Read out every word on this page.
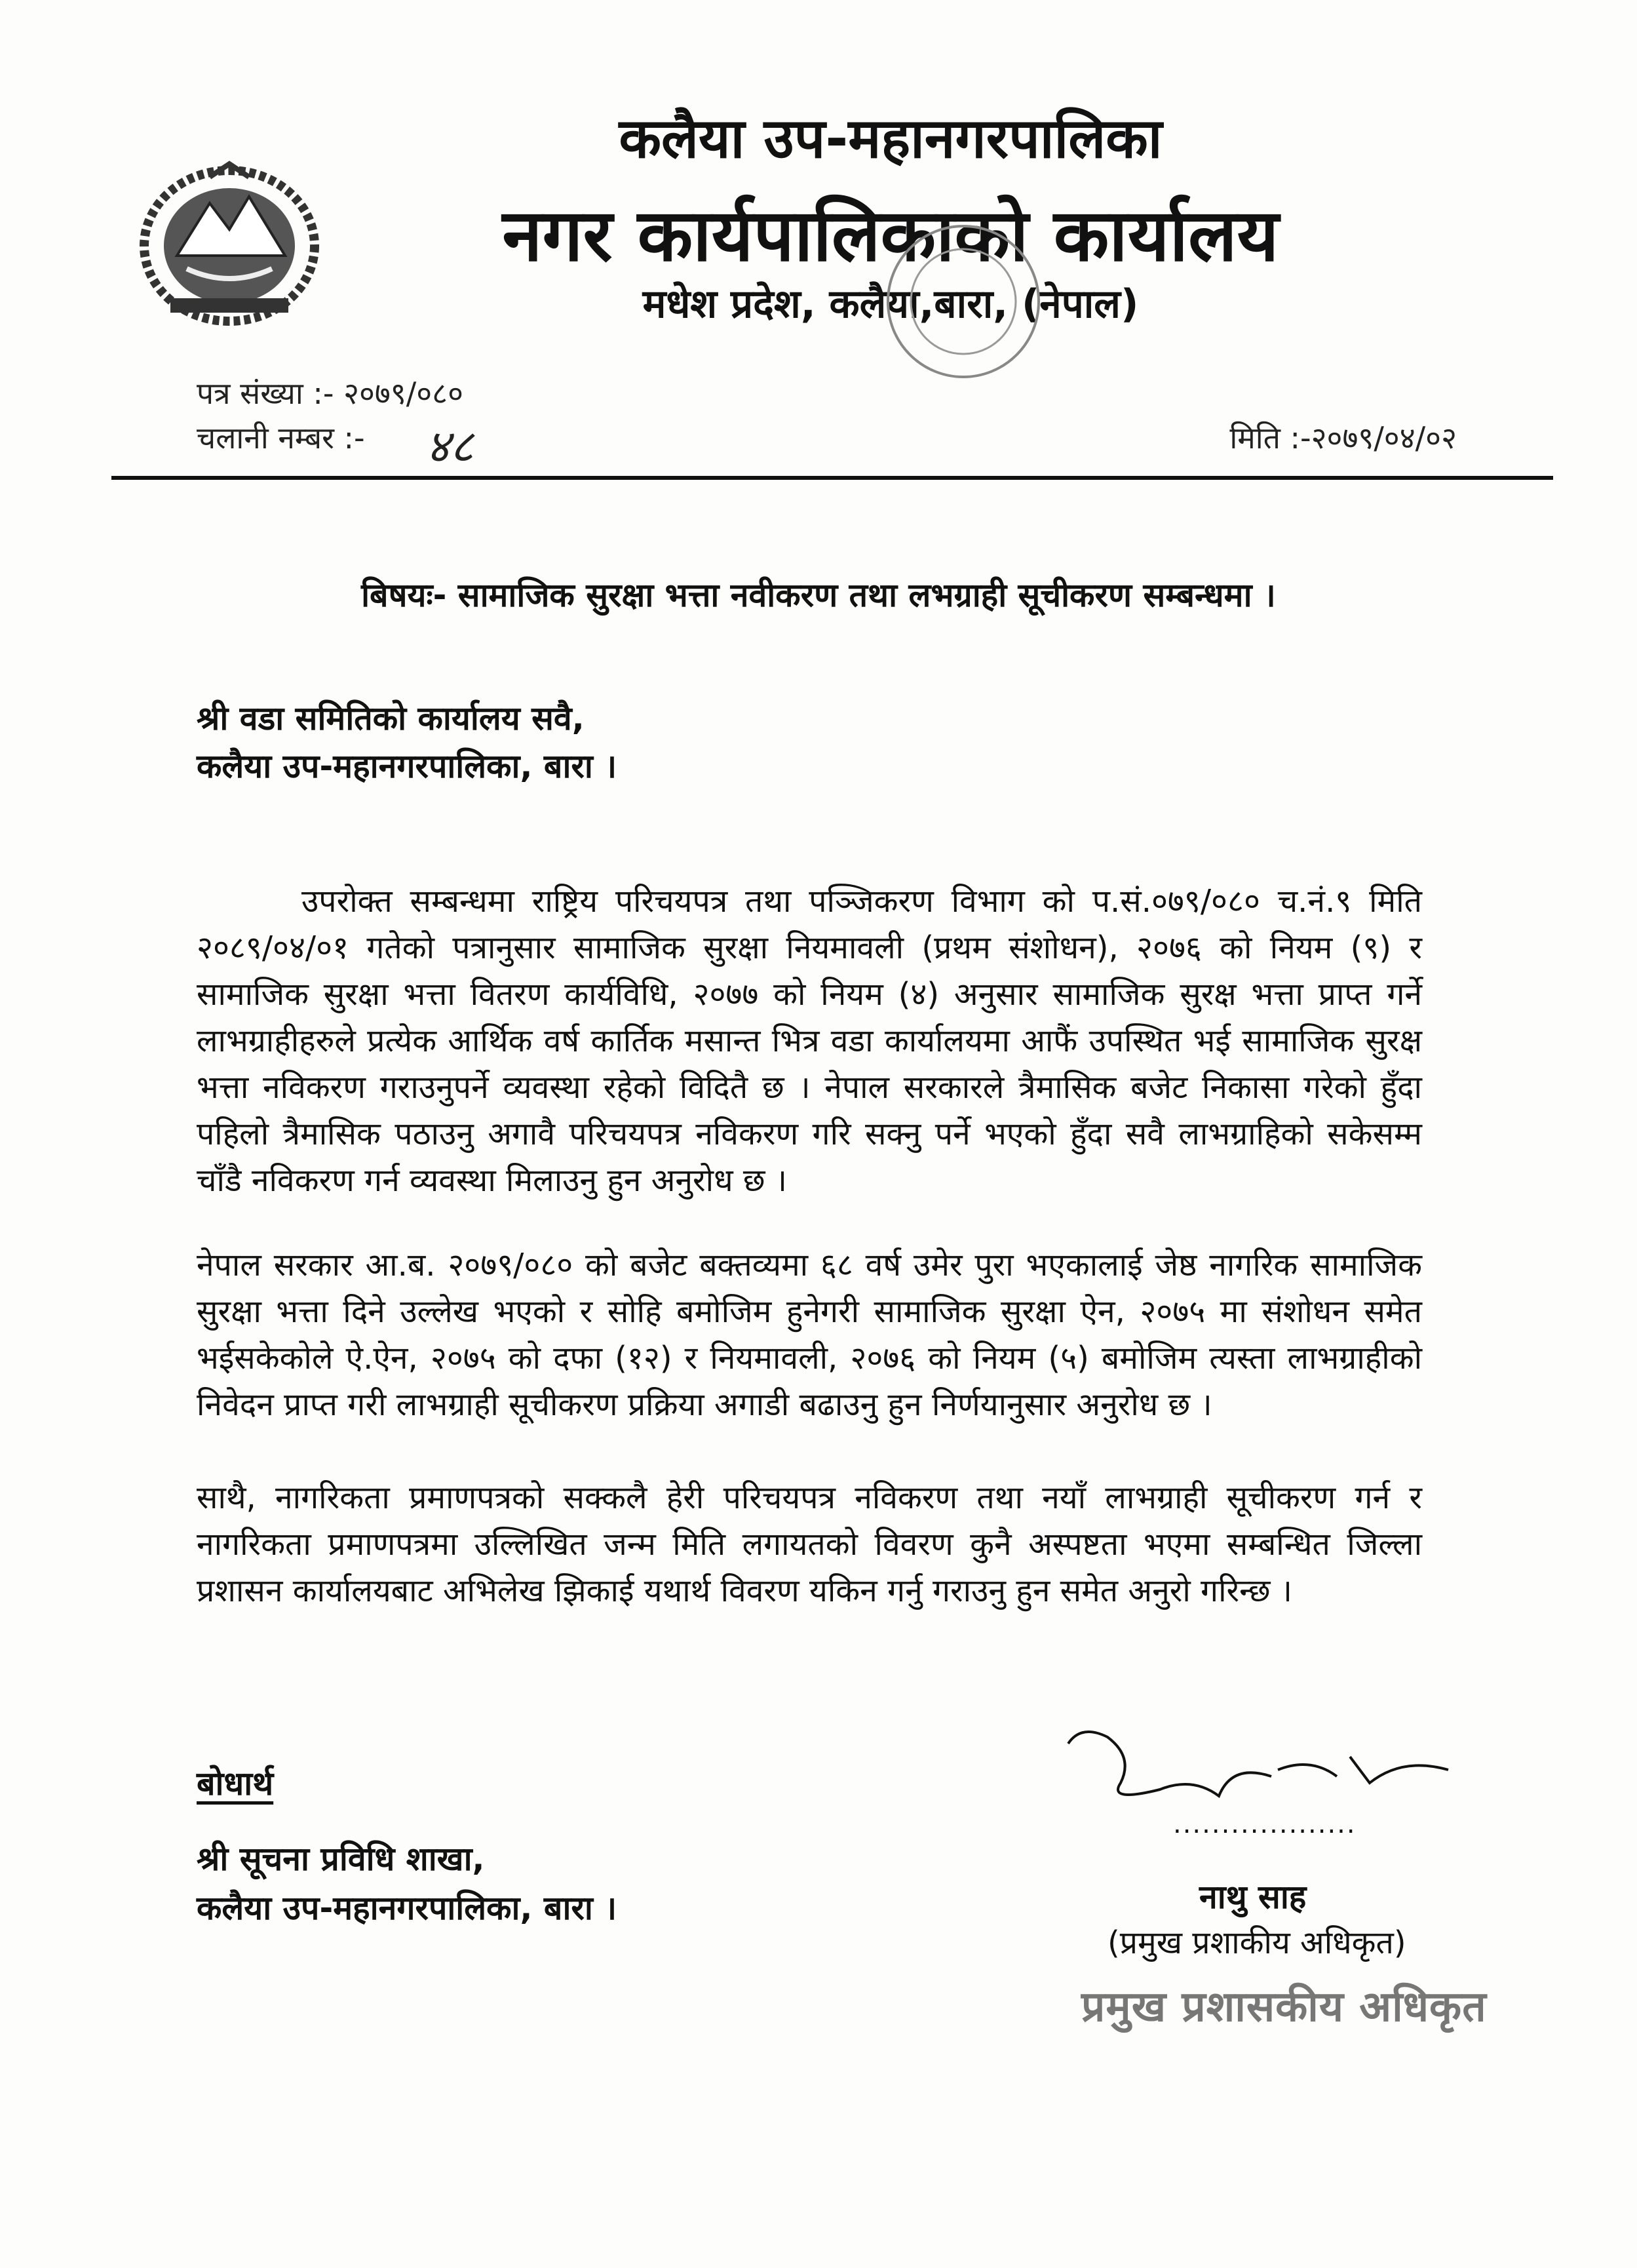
कलैया उप-महानगरपालिका
नगर कार्यपालिकाको कार्यालय
मधेश प्रदेश, कलैया,बारा, (नेपाल)
पत्र संख्या :- २०७९/०८०
चलानी नम्बर :- ४८	मिति :-२०७९/०४/०२
बिषयः- सामाजिक सुरक्षा भत्ता नवीकरण तथा लभग्राही सूचीकरण सम्बन्धमा ।
श्री वडा समितिको कार्यालय सवै,
कलैया उप-महानगरपालिका, बारा ।
उपरोक्त सम्बन्धमा राष्ट्रिय परिचयपत्र तथा पञ्जिकरण विभाग को प.सं.०७९/०८० च.नं.९ मिति २०८९/०४/०१ गतेको पत्रानुसार सामाजिक सुरक्षा नियमावली (प्रथम संशोधन), २०७६ को नियम (९) र सामाजिक सुरक्षा भत्ता वितरण कार्यविधि, २०७७ को नियम (४) अनुसार सामाजिक सुरक्ष भत्ता प्राप्त गर्ने लाभग्राहीहरुले प्रत्येक आर्थिक वर्ष कार्तिक मसान्त भित्र वडा कार्यालयमा आफैं उपस्थित भई सामाजिक सुरक्ष भत्ता नविकरण गराउनुपर्ने व्यवस्था रहेको विदितै छ । नेपाल सरकारले त्रैमासिक बजेट निकासा गरेको हुँदा पहिलो त्रैमासिक पठाउनु अगावै परिचयपत्र नविकरण गरि सक्नु पर्ने भएको हुँदा सवै लाभग्राहिको सकेसम्म चाँडै नविकरण गर्न व्यवस्था मिलाउनु हुन अनुरोध छ ।
नेपाल सरकार आ.ब. २०७९/०८० को बजेट बक्तव्यमा ६८ वर्ष उमेर पुरा भएकालाई जेष्ठ नागरिक सामाजिक सुरक्षा भत्ता दिने उल्लेख भएको र सोहि बमोजिम हुनेगरी सामाजिक सुरक्षा ऐन, २०७५ मा संशोधन समेत भईसकेकोले ऐ.ऐन, २०७५ को दफा (१२) र नियमावली, २०७६ को नियम (५) बमोजिम त्यस्ता लाभग्राहीको निवेदन प्राप्त गरी लाभग्राही सूचीकरण प्रक्रिया अगाडी बढाउनु हुन निर्णयानुसार अनुरोध छ ।
साथै, नागरिकता प्रमाणपत्रको सक्कलै हेरी परिचयपत्र नविकरण तथा नयाँ लाभग्राही सूचीकरण गर्न र नागरिकता प्रमाणपत्रमा उल्लिखित जन्म मिति लगायतको विवरण कुनै अस्पष्टता भएमा सम्बन्धित जिल्ला प्रशासन कार्यालयबाट अभिलेख झिकाई यथार्थ विवरण यकिन गर्नु गराउनु हुन समेत अनुरो गरिन्छ ।
बोधार्थ
श्री सूचना प्रविधि शाखा,
कलैया उप-महानगरपालिका, बारा ।
...................
नाथु साह
(प्रमुख प्रशाकीय अधिकृत)
प्रमुख प्रशासकीय अधिकृत
